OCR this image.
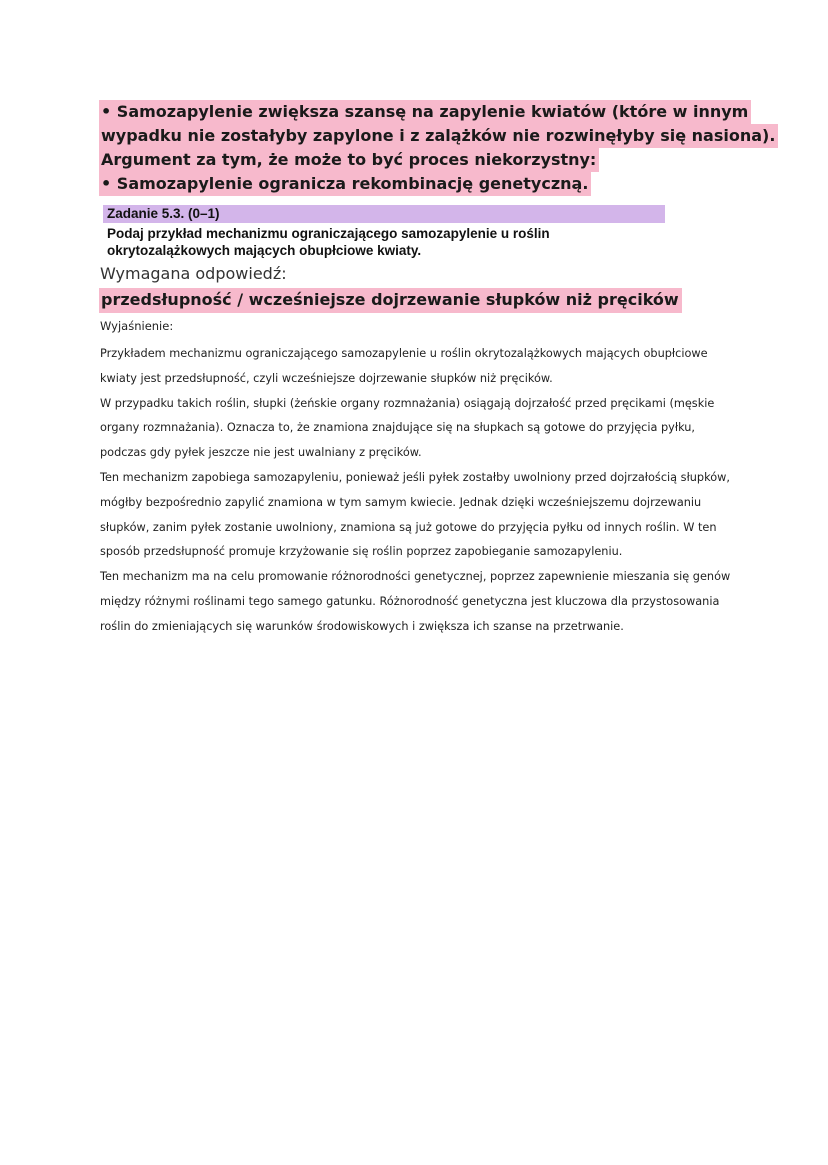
• Samozapylenie zwiększa szansę na zapylenie kwiatów (które w innym

wypadku nie zostałyby zapylone i z zalążków nie rozwinęłyby się nasiona).

Argument za tym, że może to być proces niekorzystny:

• Samozapylenie ogranicza rekombinację genetyczną.

Zadanie 5.3. (0–1)
Podaj przykład mechanizmu ograniczającego samozapylenie u roślin
okrytozalążkowych mających obupłciowe kwiaty.
Wymagana odpowiedź:
przedsłupność / wcześniejsze dojrzewanie słupków niż pręcików
Wyjaśnienie:

Przykładem mechanizmu ograniczającego samozapylenie u roślin okrytozalążkowych mających obupłciowe

kwiaty jest przedsłupność, czyli wcześniejsze dojrzewanie słupków niż pręcików.

W przypadku takich roślin, słupki (żeńskie organy rozmnażania) osiągają dojrzałość przed pręcikami (męskie

organy rozmnażania). Oznacza to, że znamiona znajdujące się na słupkach są gotowe do przyjęcia pyłku,

podczas gdy pyłek jeszcze nie jest uwalniany z pręcików.

Ten mechanizm zapobiega samozapyleniu, ponieważ jeśli pyłek zostałby uwolniony przed dojrzałością słupków,

mógłby bezpośrednio zapylić znamiona w tym samym kwiecie. Jednak dzięki wcześniejszemu dojrzewaniu

słupków, zanim pyłek zostanie uwolniony, znamiona są już gotowe do przyjęcia pyłku od innych roślin. W ten

sposób przedsłupność promuje krzyżowanie się roślin poprzez zapobieganie samozapyleniu.

Ten mechanizm ma na celu promowanie różnorodności genetycznej, poprzez zapewnienie mieszania się genów

między różnymi roślinami tego samego gatunku. Różnorodność genetyczna jest kluczowa dla przystosowania

roślin do zmieniających się warunków środowiskowych i zwiększa ich szanse na przetrwanie.
